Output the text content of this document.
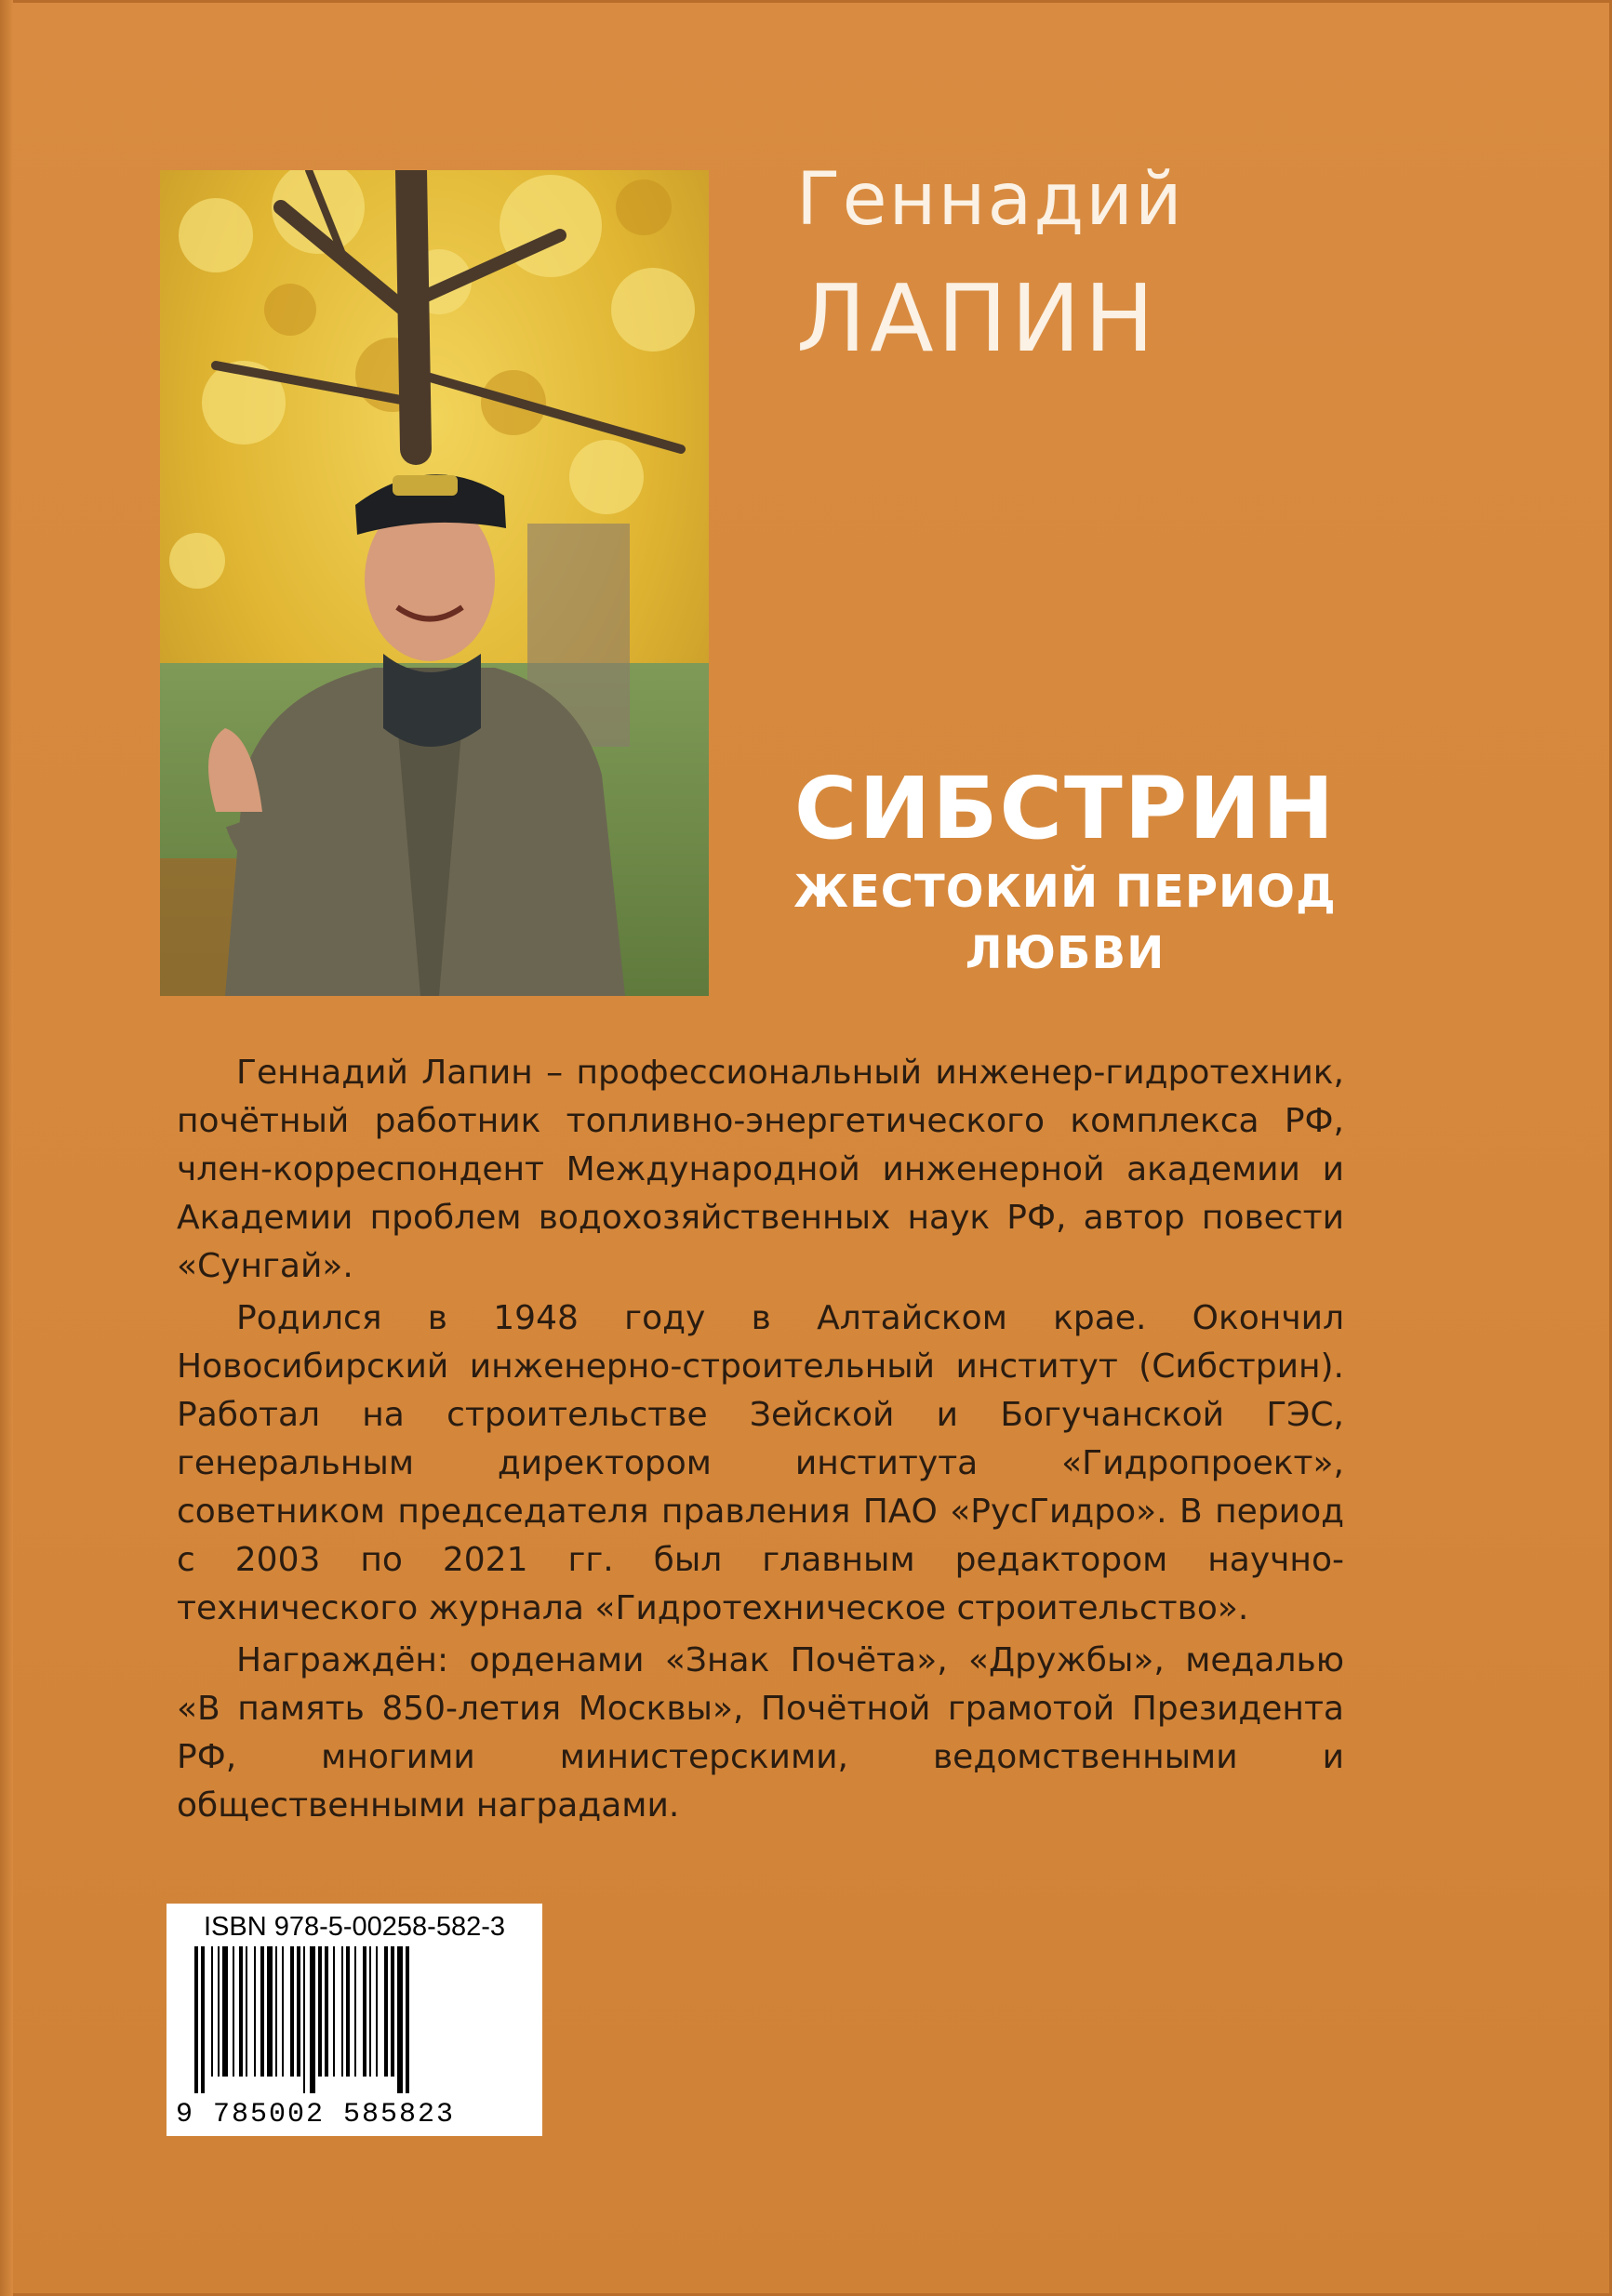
Геннадий
ЛАПИН
СИБСТРИН
ЖЕСТОКИЙ ПЕРИОД
ЛЮБВИ

Геннадий Лапин – профессиональный инженер-гидротехник, почётный работник топливно-энергетического комплекса РФ, член-корреспондент Международной инженерной академии и Академии проблем водохозяйственных наук РФ, автор повести «Сунгай».

Родился в 1948 году в Алтайском крае. Окончил Новосибирский инженерно-строительный институт (Сибстрин). Работал на строительстве Зейской и Богучанской ГЭС, генеральным директором института «Гидропроект», советником председателя правления ПАО «РусГидро». В период с 2003 по 2021 гг. был главным редактором научно-технического журнала «Гидротехническое строительство».

Награждён: орденами «Знак Почёта», «Дружбы», медалью «В память 850-летия Москвы», Почётной грамотой Президента РФ, многими министерскими, ведомственными и общественными наградами.

ISBN 978-5-00258-582-3
9 785002 585823
